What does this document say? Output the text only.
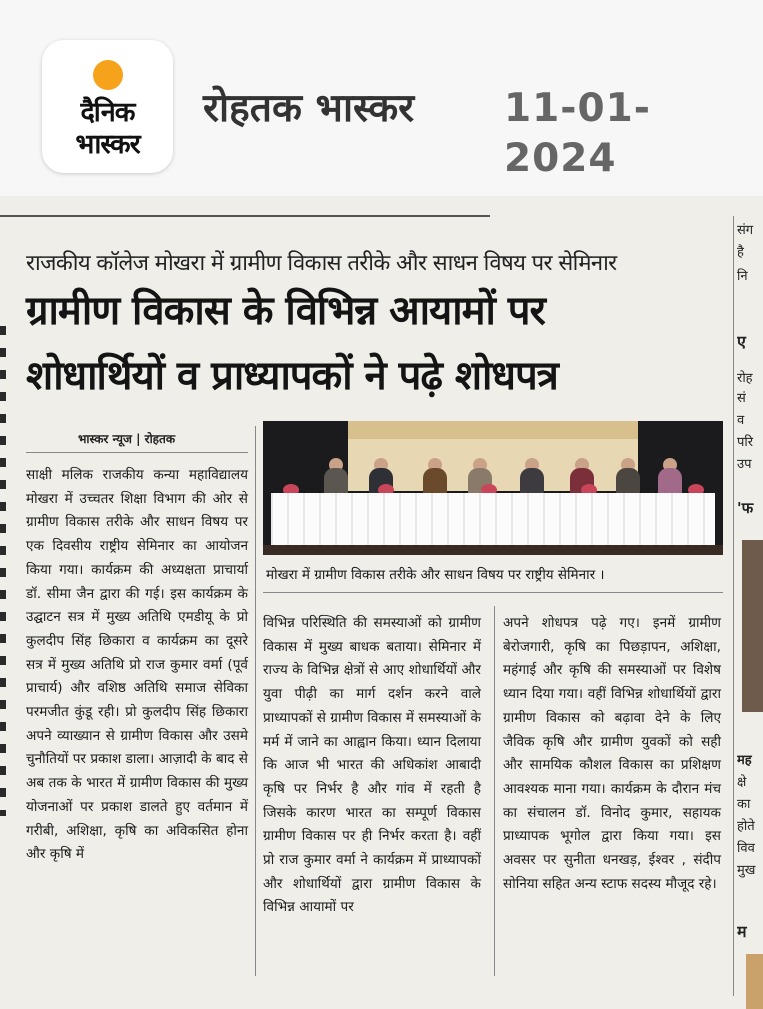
दैनिक
भास्कर
रोहतक भास्कर 11-01-2024
राजकीय कॉलेज मोखरा में ग्रामीण विकास तरीके और साधन विषय पर सेमिनार
ग्रामीण विकास के विभिन्न आयामों पर
शोधार्थियों व प्राध्यापकों ने पढ़े शोधपत्र
भास्कर न्यूज | रोहतक
साक्षी मलिक राजकीय कन्या महाविद्यालय मोखरा में उच्चतर शिक्षा विभाग की ओर से ग्रामीण विकास तरीके और साधन विषय पर एक दिवसीय राष्ट्रीय सेमिनार का आयोजन किया गया। कार्यक्रम की अध्यक्षता प्राचार्या डॉ. सीमा जैन द्वारा की गई। इस कार्यक्रम के उद्घाटन सत्र में मुख्य अतिथि एमडीयू के प्रो कुलदीप सिंह छिकारा व कार्यक्रम का दूसरे सत्र में मुख्य अतिथि प्रो राज कुमार वर्मा (पूर्व प्राचार्य) और वशिष्ठ अतिथि समाज सेविका परमजीत कुंडू रही। प्रो कुलदीप सिंह छिकारा अपने व्याख्यान से ग्रामीण विकास और उसमे चुनौतियों पर प्रकाश डाला। आज़ादी के बाद से अब तक के भारत में ग्रामीण विकास की मुख्य योजनाओं पर प्रकाश डालते हुए वर्तमान में गरीबी, अशिक्षा, कृषि का अविकसित होना और कृषि में
मोखरा में ग्रामीण विकास तरीके और साधन विषय पर राष्ट्रीय सेमिनार ।
विभिन्न परिस्थिति की समस्याओं को ग्रामीण विकास में मुख्य बाधक बताया। सेमिनार में राज्य के विभिन्न क्षेत्रों से आए शोधार्थियों और युवा पीढ़ी का मार्ग दर्शन करने वाले प्राध्यापकों से ग्रामीण विकास में समस्याओं के मर्म में जाने का आह्वान किया। ध्यान दिलाया कि आज भी भारत की अधिकांश आबादी कृषि पर निर्भर है और गांव में रहती है जिसके कारण भारत का सम्पूर्ण विकास ग्रामीण विकास पर ही निर्भर करता है। वहीं प्रो राज कुमार वर्मा ने कार्यक्रम में प्राध्यापकों और शोधार्थियों द्वारा ग्रामीण विकास के विभिन्न आयामों पर
अपने शोधपत्र पढ़े गए। इनमें ग्रामीण बेरोजगारी, कृषि का पिछड़ापन, अशिक्षा, महंगाई और कृषि की समस्याओं पर विशेष ध्यान दिया गया। वहीं विभिन्न शोधार्थियों द्वारा ग्रामीण विकास को बढ़ावा देने के लिए जैविक कृषि और ग्रामीण युवकों को सही और सामयिक कौशल विकास का प्रशिक्षण आवश्यक माना गया। कार्यक्रम के दौरान मंच का संचालन डॉ. विनोद कुमार, सहायक प्राध्यापक भूगोल द्वारा किया गया। इस अवसर पर सुनीता धनखड़, ईश्वर , संदीप सोनिया सहित अन्य स्टाफ सदस्य मौजूद रहे।
संग
है
नि
ए
रोह
सं
व
परि
उप
'फ
मह
क्षे
का
होते
विव
मुख
म
